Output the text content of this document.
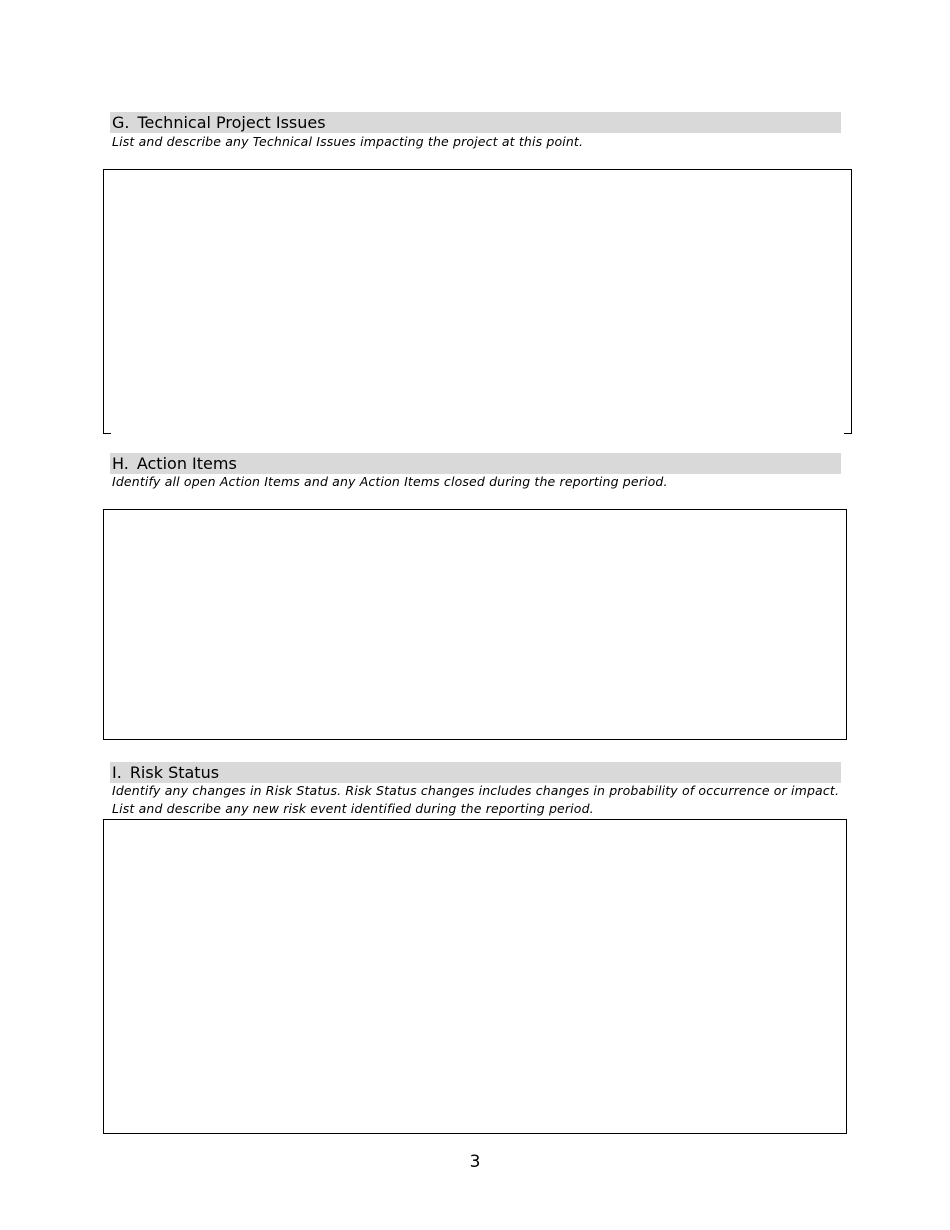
G. Technical Project Issues
List and describe any Technical Issues impacting the project at this point.
H. Action Items
Identify all open Action Items and any Action Items closed during the reporting period.
I. Risk Status
Identify any changes in Risk Status. Risk Status changes includes changes in probability of occurrence or impact.
List and describe any new risk event identified during the reporting period.
3
